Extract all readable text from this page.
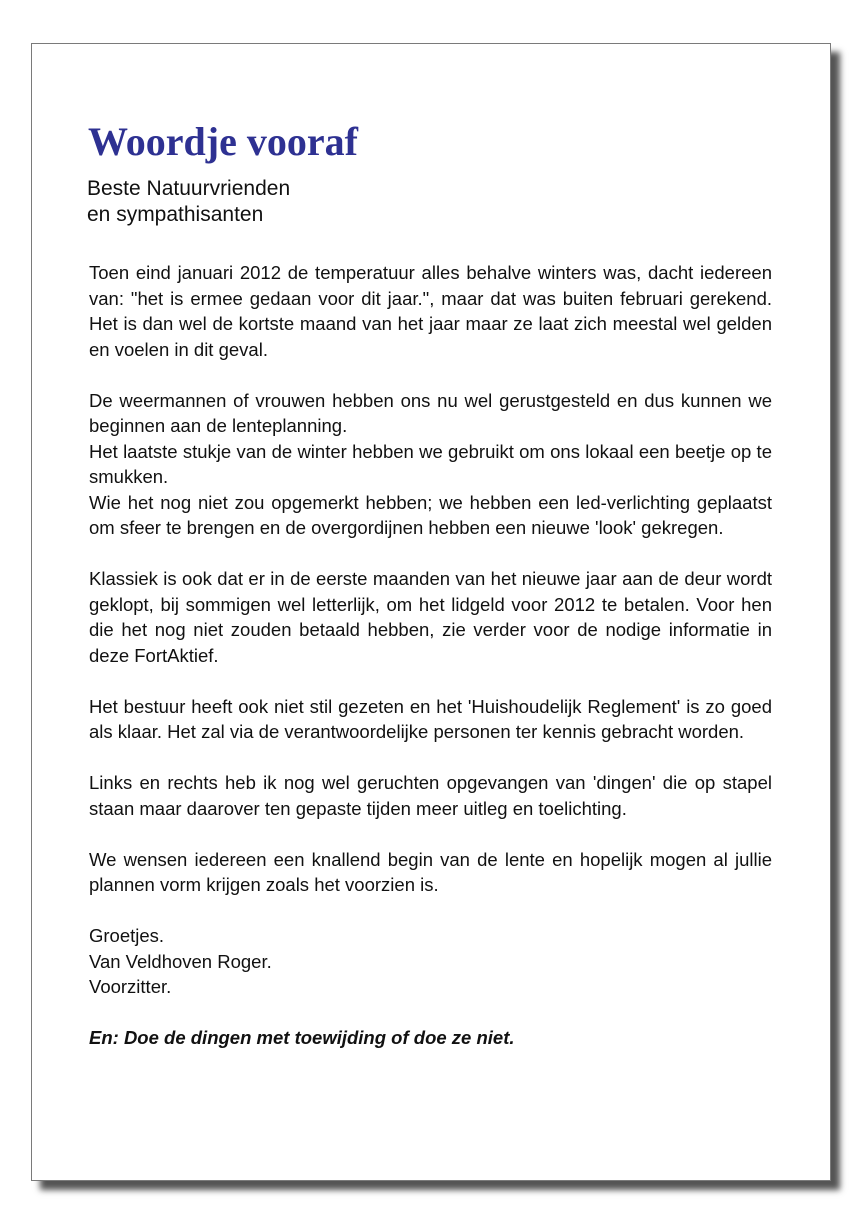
Woordje vooraf
Beste Natuurvrienden
en sympathisanten

Toen eind januari 2012 de temperatuur alles behalve winters was, dacht iedereen van: "het is ermee gedaan voor dit jaar.", maar dat was buiten februari gerekend. Het is dan wel de kortste maand van het jaar maar ze laat zich meestal wel gelden en voelen in dit geval.

De weermannen of vrouwen hebben ons nu wel gerustgesteld en dus kunnen we beginnen aan de lenteplanning.

Het laatste stukje van de winter hebben we gebruikt om ons lokaal een beetje op te smukken.

Wie het nog niet zou opgemerkt hebben; we hebben een led-verlichting geplaatst om sfeer te brengen en de overgordijnen hebben een nieuwe 'look' gekregen.

Klassiek is ook dat er in de eerste maanden van het nieuwe jaar aan de deur wordt geklopt, bij sommigen wel letterlijk, om het lidgeld voor 2012 te betalen. Voor hen die het nog niet zouden betaald hebben, zie verder voor de nodige informatie in deze FortAktief.

Het bestuur heeft ook niet stil gezeten en het 'Huishoudelijk Reglement' is zo goed als klaar. Het zal via de verantwoordelijke personen ter kennis gebracht worden.

Links en rechts heb ik nog wel geruchten opgevangen van 'dingen' die op stapel staan maar daarover ten gepaste tijden meer uitleg en toelichting.

We wensen iedereen een knallend begin van de lente en hopelijk mogen al jullie plannen vorm krijgen zoals het voorzien is.

Groetjes.
Van Veldhoven Roger.
Voorzitter.

En: Doe de dingen met toewijding of doe ze niet.
